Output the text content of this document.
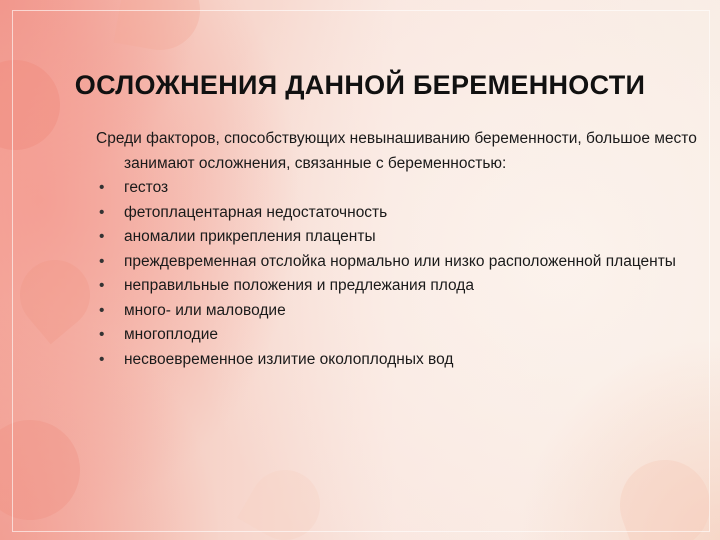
ОСЛОЖНЕНИЯ ДАННОЙ БЕРЕМЕННОСТИ

Среди факторов, способствующих невынашиванию беременности, большое место занимают осложнения, связанные с беременностью:

• гестоз
• фетоплацентарная недостаточность
• аномалии прикрепления плаценты
• преждевременная отслойка нормально или низко расположенной плаценты
• неправильные положения и предлежания плода
• много- или маловодие
• многоплодие
• несвоевременное излитие околоплодных вод
